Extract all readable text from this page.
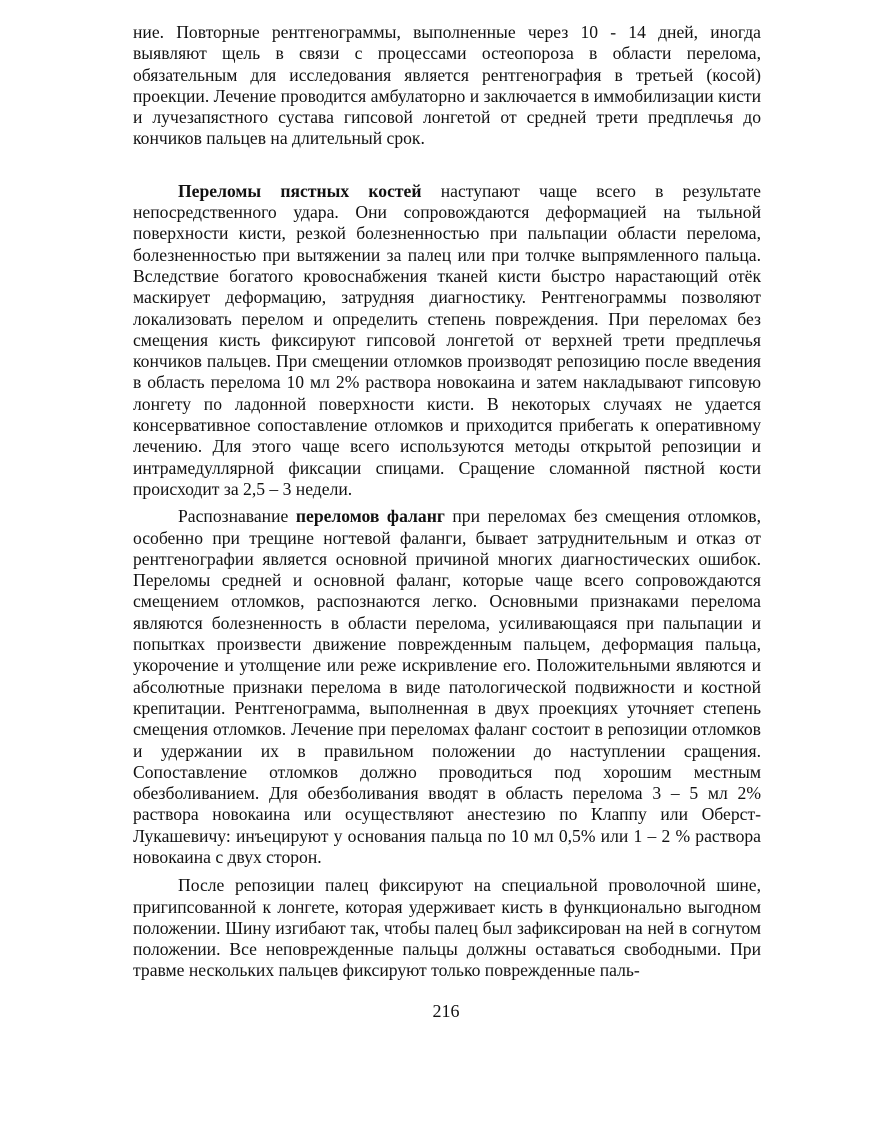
ние. Повторные рентгенограммы, выполненные через 10 - 14 дней, иногда выявляют щель в связи с процессами остеопороза в области перелома, обязательным для исследования является рентгенография в третьей (косой) проекции. Лечение проводится амбулаторно и заключается в иммобилизации кисти и лучезапястного сустава гипсовой лонгетой от средней трети предплечья до кончиков пальцев на длительный срок.

Переломы пястных костей наступают чаще всего в результате непосредственного удара. Они сопровождаются деформацией на тыльной поверхности кисти, резкой болезненностью при пальпации области перелома, болезненностью при вытяжении за палец или при толчке выпрямленного пальца. Вследствие богатого кровоснабжения тканей кисти быстро нарастающий отёк маскирует деформацию, затрудняя диагностику. Рентгенограммы позволяют локализовать перелом и определить степень повреждения. При переломах без смещения кисть фиксируют гипсовой лонгетой от верхней трети предплечья кончиков пальцев. При смещении отломков производят репозицию после введения в область перелома 10 мл 2% раствора новокаина и затем накладывают гипсовую лонгету по ладонной поверхности кисти. В некоторых случаях не удается консервативное сопоставление отломков и приходится прибегать к оперативному лечению. Для этого чаще всего используются методы открытой репозиции и интрамедуллярной фиксации спицами. Сращение сломанной пястной кости происходит за 2,5 – 3 недели.

Распознавание переломов фаланг при переломах без смещения отломков, особенно при трещине ногтевой фаланги, бывает затруднительным и отказ от рентгенографии является основной причиной многих диагностических ошибок. Переломы средней и основной фаланг, которые чаще всего сопровождаются смещением отломков, распознаются легко. Основными признаками перелома являются болезненность в области перелома, усиливающаяся при пальпации и попытках произвести движение поврежденным пальцем, деформация пальца, укорочение и утолщение или реже искривление его. Положительными являются и абсолютные признаки перелома в виде патологической подвижности и костной крепитации. Рентгенограмма, выполненная в двух проекциях уточняет степень смещения отломков. Лечение при переломах фаланг состоит в репозиции отломков и удержании их в правильном положении до наступлении сращения. Сопоставление отломков должно проводиться под хорошим местным обезболиванием. Для обезболивания вводят в область перелома 3 – 5 мл 2% раствора новокаина или осуществляют анестезию по Клаппу или Оберст-Лукашевичу: инъецируют у основания пальца по 10 мл 0,5% или 1 – 2 % раствора новокаина с двух сторон.

После репозиции палец фиксируют на специальной проволочной шине, пригипсованной к лонгете, которая удерживает кисть в функционально выгодном положении. Шину изгибают так, чтобы палец был зафиксирован на ней в согнутом положении. Все неповрежденные пальцы должны оставаться свободными. При травме нескольких пальцев фиксируют только поврежденные паль-

216
